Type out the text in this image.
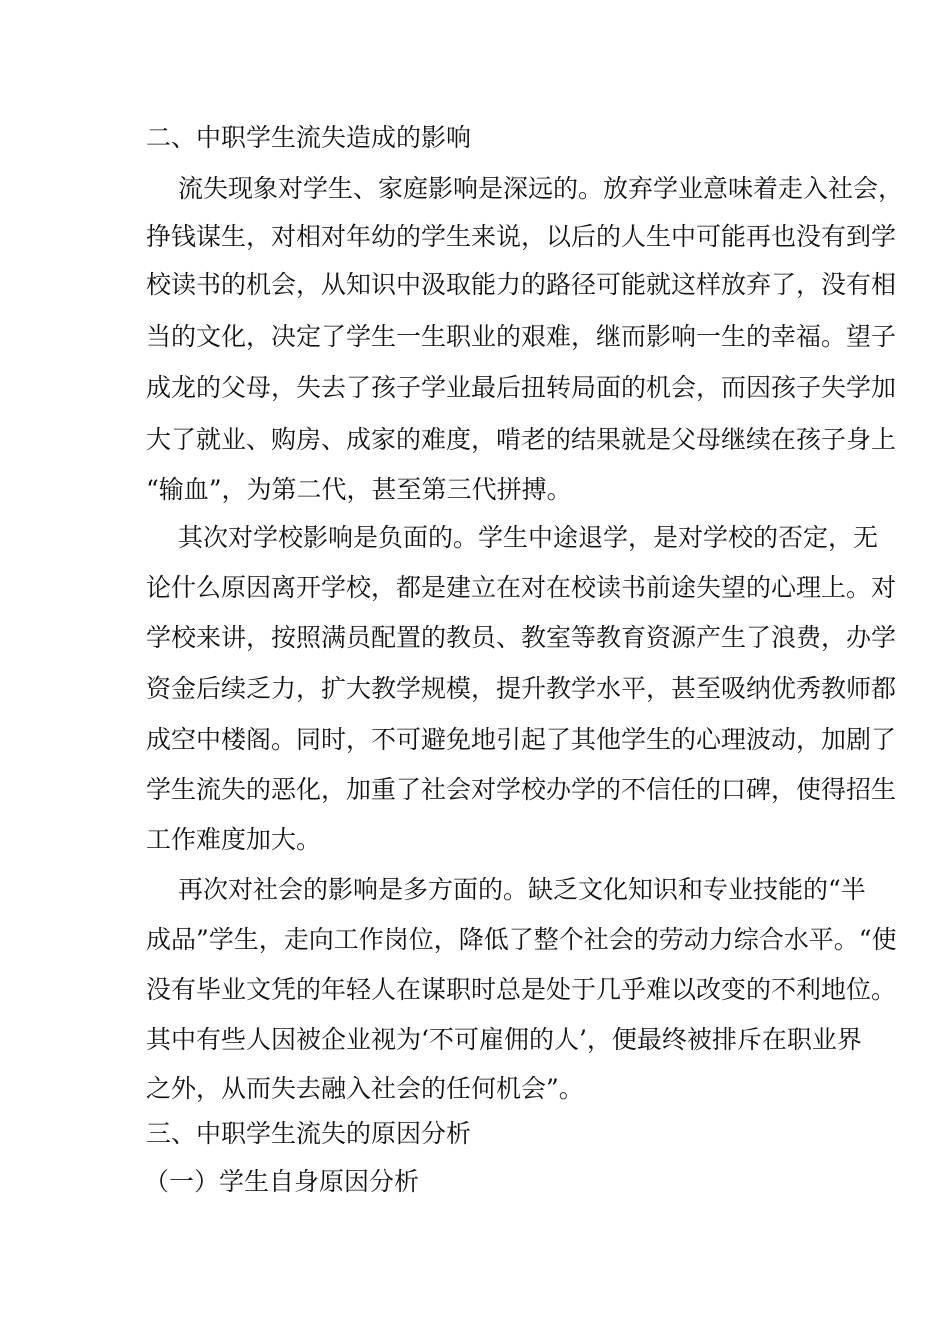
二、中职学生流失造成的影响
流失现象对学生、家庭影响是深远的。放弃学业意味着走入社会，
挣钱谋生，对相对年幼的学生来说，以后的人生中可能再也没有到学
校读书的机会，从知识中汲取能力的路径可能就这样放弃了，没有相
当的文化，决定了学生一生职业的艰难，继而影响一生的幸福。望子
成龙的父母，失去了孩子学业最后扭转局面的机会，而因孩子失学加
大了就业、购房、成家的难度，啃老的结果就是父母继续在孩子身上
“输血”，为第二代，甚至第三代拼搏。
其次对学校影响是负面的。学生中途退学，是对学校的否定，无
论什么原因离开学校，都是建立在对在校读书前途失望的心理上。对
学校来讲，按照满员配置的教员、教室等教育资源产生了浪费，办学
资金后续乏力，扩大教学规模，提升教学水平，甚至吸纳优秀教师都
成空中楼阁。同时，不可避免地引起了其他学生的心理波动，加剧了
学生流失的恶化，加重了社会对学校办学的不信任的口碑，使得招生
工作难度加大。
再次对社会的影响是多方面的。缺乏文化知识和专业技能的“半
成品”学生，走向工作岗位，降低了整个社会的劳动力综合水平。“使
没有毕业文凭的年轻人在谋职时总是处于几乎难以改变的不利地位。
其中有些人因被企业视为‘不可雇佣的人’，便最终被排斥在职业界
之外，从而失去融入社会的任何机会”。
三、中职学生流失的原因分析
（一）学生自身原因分析
